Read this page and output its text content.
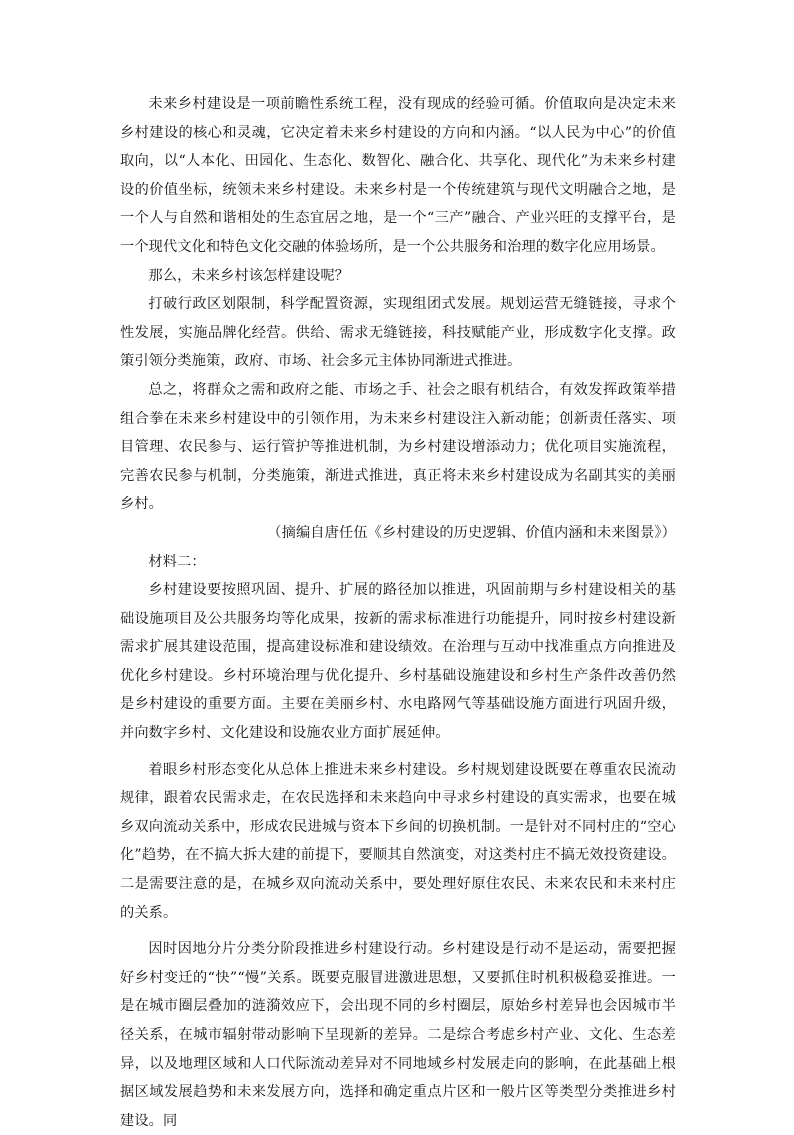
未来乡村建设是一项前瞻性系统工程，没有现成的经验可循。价值取向是决定未来乡村建设的核心和灵魂，它决定着未来乡村建设的方向和内涵。“以人民为中心”的价值取向，以“人本化、田园化、生态化、数智化、融合化、共享化、现代化”为未来乡村建设的价值坐标，统领未来乡村建设。未来乡村是一个传统建筑与现代文明融合之地，是一个人与自然和谐相处的生态宜居之地，是一个“三产”融合、产业兴旺的支撑平台，是一个现代文化和特色文化交融的体验场所，是一个公共服务和治理的数字化应用场景。

那么，未来乡村该怎样建设呢？

打破行政区划限制，科学配置资源，实现组团式发展。规划运营无缝链接，寻求个性发展，实施品牌化经营。供给、需求无缝链接，科技赋能产业，形成数字化支撑。政策引领分类施策，政府、市场、社会多元主体协同渐进式推进。

总之，将群众之需和政府之能、市场之手、社会之眼有机结合，有效发挥政策举措组合拳在未来乡村建设中的引领作用，为未来乡村建设注入新动能；创新责任落实、项目管理、农民参与、运行管护等推进机制，为乡村建设增添动力；优化项目实施流程，完善农民参与机制，分类施策，渐进式推进，真正将未来乡村建设成为名副其实的美丽乡村。

（摘编自唐任伍《乡村建设的历史逻辑、价值内涵和未来图景》）

材料二：

乡村建设要按照巩固、提升、扩展的路径加以推进，巩固前期与乡村建设相关的基础设施项目及公共服务均等化成果，按新的需求标准进行功能提升，同时按乡村建设新需求扩展其建设范围，提高建设标准和建设绩效。在治理与互动中找准重点方向推进及优化乡村建设。乡村环境治理与优化提升、乡村基础设施建设和乡村生产条件改善仍然是乡村建设的重要方面。主要在美丽乡村、水电路网气等基础设施方面进行巩固升级，并向数字乡村、文化建设和设施农业方面扩展延伸。

着眼乡村形态变化从总体上推进未来乡村建设。乡村规划建设既要在尊重农民流动规律，跟着农民需求走，在农民选择和未来趋向中寻求乡村建设的真实需求，也要在城乡双向流动关系中，形成农民进城与资本下乡间的切换机制。一是针对不同村庄的“空心化”趋势，在不搞大拆大建的前提下，要顺其自然演变，对这类村庄不搞无效投资建设。二是需要注意的是，在城乡双向流动关系中，要处理好原住农民、未来农民和未来村庄的关系。

因时因地分片分类分阶段推进乡村建设行动。乡村建设是行动不是运动，需要把握好乡村变迁的“快”“慢”关系。既要克服冒进激进思想，又要抓住时机积极稳妥推进。一是在城市圈层叠加的涟漪效应下，会出现不同的乡村圈层，原始乡村差异也会因城市半径关系，在城市辐射带动影响下呈现新的差异。二是综合考虑乡村产业、文化、生态差异，以及地理区域和人口代际流动差异对不同地域乡村发展走向的影响，在此基础上根据区域发展趋势和未来发展方向，选择和确定重点片区和一般片区等类型分类推进乡村建设。同
